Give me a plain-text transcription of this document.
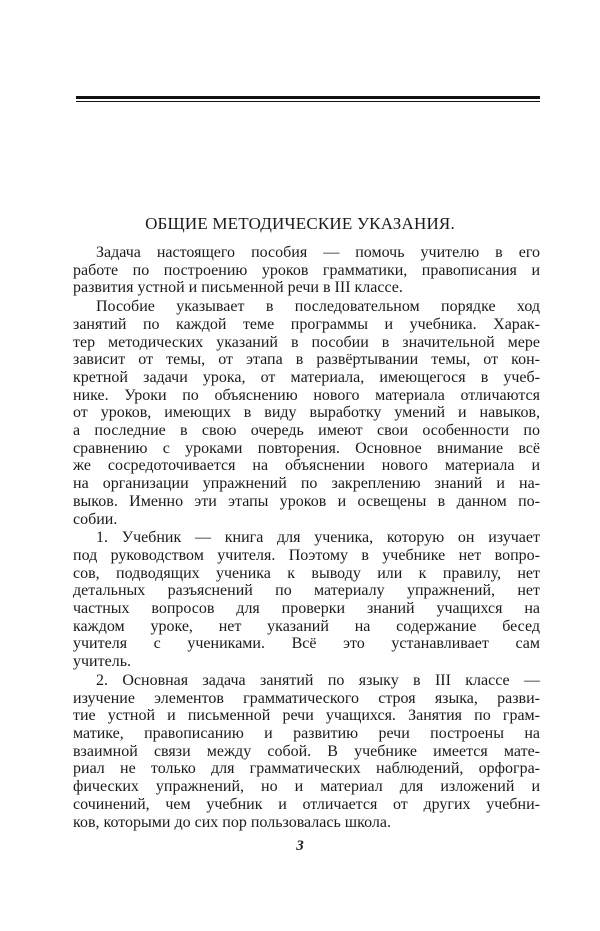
ОБЩИЕ МЕТОДИЧЕСКИЕ УКАЗАНИЯ.
Задача настоящего пособия — помочь учителю в его
работе по построению уроков грамматики, правописания и
развития устной и письменной речи в III классе.
Пособие указывает в последовательном порядке ход
занятий по каждой теме программы и учебника. Харак-
тер методических указаний в пособии в значительной мере
зависит от темы, от этапа в развёртывании темы, от кон-
кретной задачи урока, от материала, имеющегося в учеб-
нике. Уроки по объяснению нового материала отличаются
от уроков, имеющих в виду выработку умений и навыков,
а последние в свою очередь имеют свои особенности по
сравнению с уроками повторения. Основное внимание всё
же сосредоточивается на объяснении нового материала и
на организации упражнений по закреплению знаний и на-
выков. Именно эти этапы уроков и освещены в данном по-
собии.
1. Учебник — книга для ученика, которую он изучает
под руководством учителя. Поэтому в учебнике нет вопро-
сов, подводящих ученика к выводу или к правилу, нет
детальных разъяснений по материалу упражнений, нет
частных вопросов для проверки знаний учащихся на
каждом уроке, нет указаний на содержание бесед
учителя с учениками. Всё это устанавливает сам
учитель.
2. Основная задача занятий по языку в III классе —
изучение элементов грамматического строя языка, разви-
тие устной и письменной речи учащихся. Занятия по грам-
матике, правописанию и развитию речи построены на
взаимной связи между собой. В учебнике имеется мате-
риал не только для грамматических наблюдений, орфогра-
фических упражнений, но и материал для изложений и
сочинений, чем учебник и отличается от других учебни-
ков, которыми до сих пор пользовалась школа.
3
